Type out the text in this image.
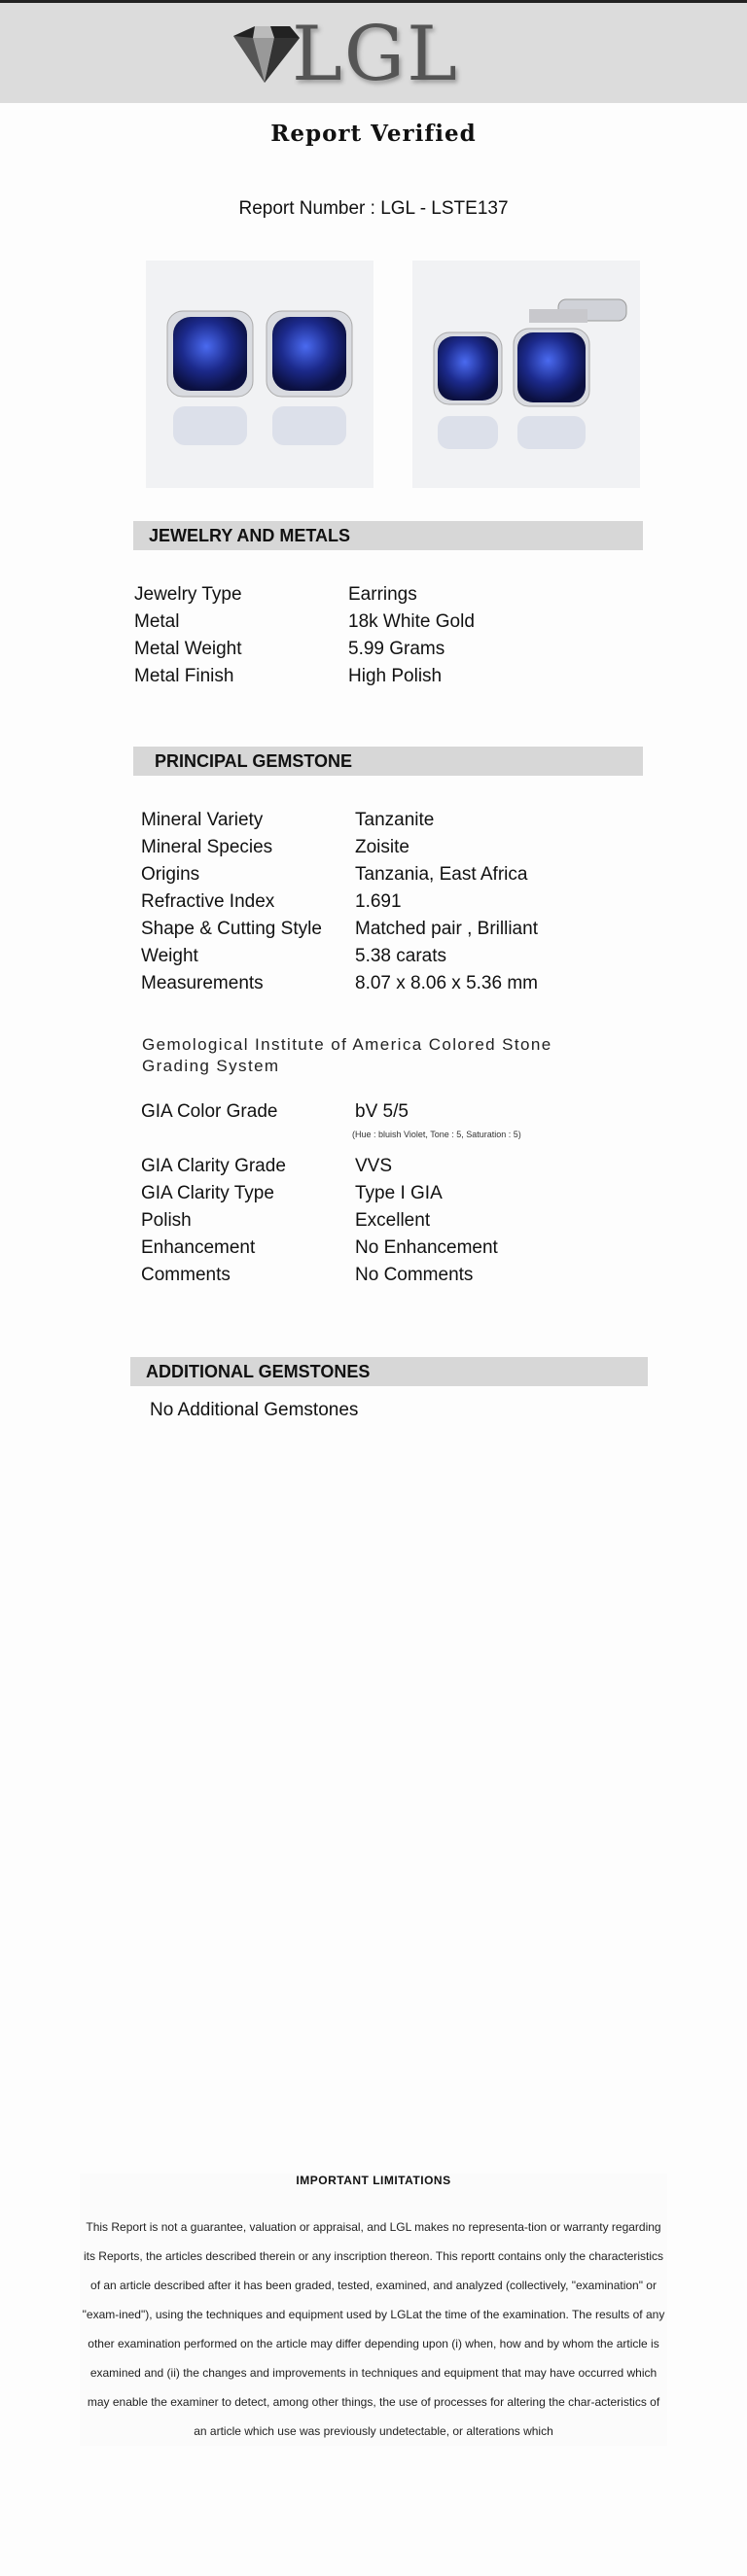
LGL
Report Verified
Report Number : LGL - LSTE137
JEWELRY AND METALS
Jewelry Type	Earrings
Metal	18k White Gold
Metal Weight	5.99 Grams
Metal Finish	High Polish
PRINCIPAL GEMSTONE
Mineral Variety	Tanzanite
Mineral Species	Zoisite
Origins	Tanzania, East Africa
Refractive Index	1.691
Shape & Cutting Style	Matched pair , Brilliant
Weight	5.38 carats
Measurements	8.07 x 8.06 x 5.36 mm
Gemological Institute of America Colored Stone Grading System
GIA Color Grade	bV 5/5
(Hue : bluish Violet, Tone : 5, Saturation : 5)
GIA Clarity Grade	VVS
GIA Clarity Type	Type I GIA
Polish	Excellent
Enhancement	No Enhancement
Comments	No Comments
ADDITIONAL GEMSTONES
No Additional Gemstones
IMPORTANT LIMITATIONS

This Report is not a guarantee, valuation or appraisal, and LGL makes no representa-tion or warranty regarding its Reports, the articles described therein or any inscription thereon. This reportt contains only the characteristics of an article described after it has been graded, tested, examined, and analyzed (collectively, "examination" or "exam-ined"), using the techniques and equipment used by LGLat the time of the examination. The results of any other examination performed on the article may differ depending upon (i) when, how and by whom the article is examined and (ii) the changes and improvements in techniques and equipment that may have occurred which may enable the examiner to detect, among other things, the use of processes for altering the char-acteristics of an article which use was previously undetectable, or alterations which
